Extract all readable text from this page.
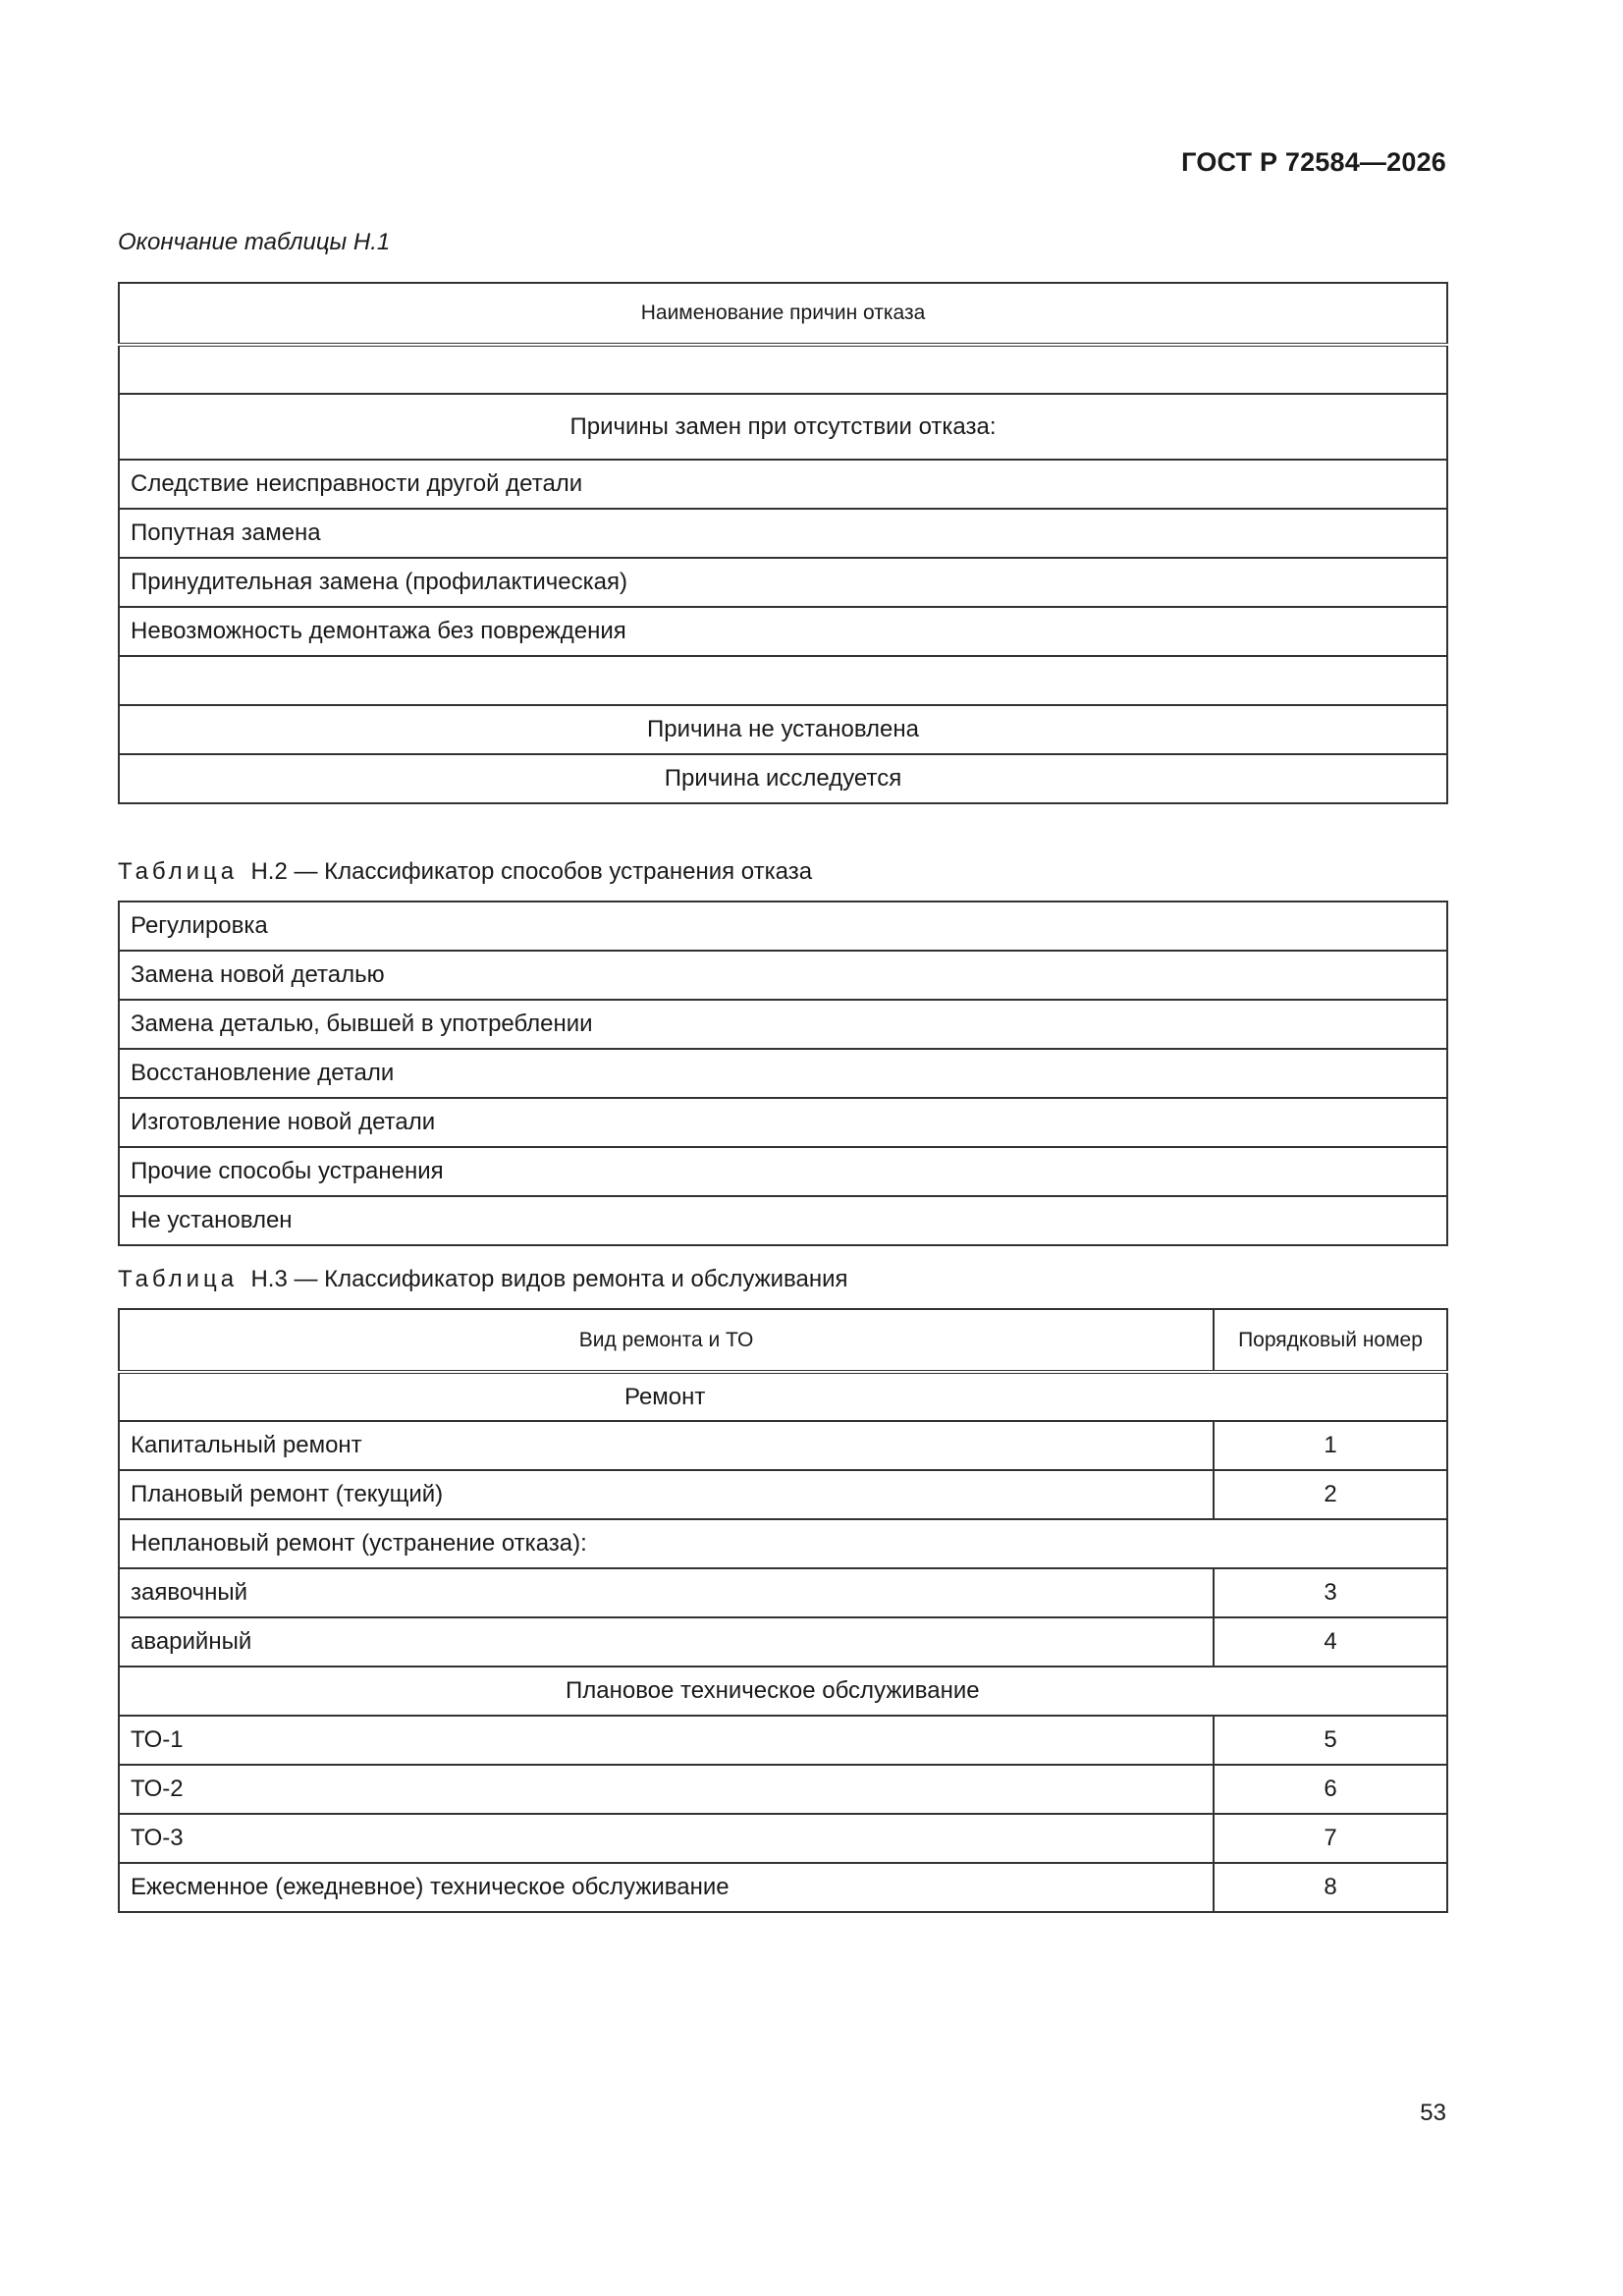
ГОСТ Р 72584—2026
Окончание таблицы Н.1
Наименование причин отказа

Причины замен при отсутствии отказа:
Следствие неисправности другой детали
Попутная замена
Принудительная замена (профилактическая)
Невозможность демонтажа без повреждения

Причина не установлена
Причина исследуется
Таблица Н.2 — Классификатор способов устранения отказа
Регулировка
Замена новой деталью
Замена деталью, бывшей в употреблении
Восстановление детали
Изготовление новой детали
Прочие способы устранения
Не установлен
Таблица Н.3 — Классификатор видов ремонта и обслуживания
Вид ремонта и ТО	Порядковый номер
Ремонт	
Капитальный ремонт	1
Плановый ремонт (текущий)	2
Неплановый ремонт (устранение отказа):	
заявочный	3
аварийный	4
Плановое техническое обслуживание	
ТО-1	5
ТО-2	6
ТО-3	7
Ежесменное (ежедневное) техническое обслуживание	8
53
